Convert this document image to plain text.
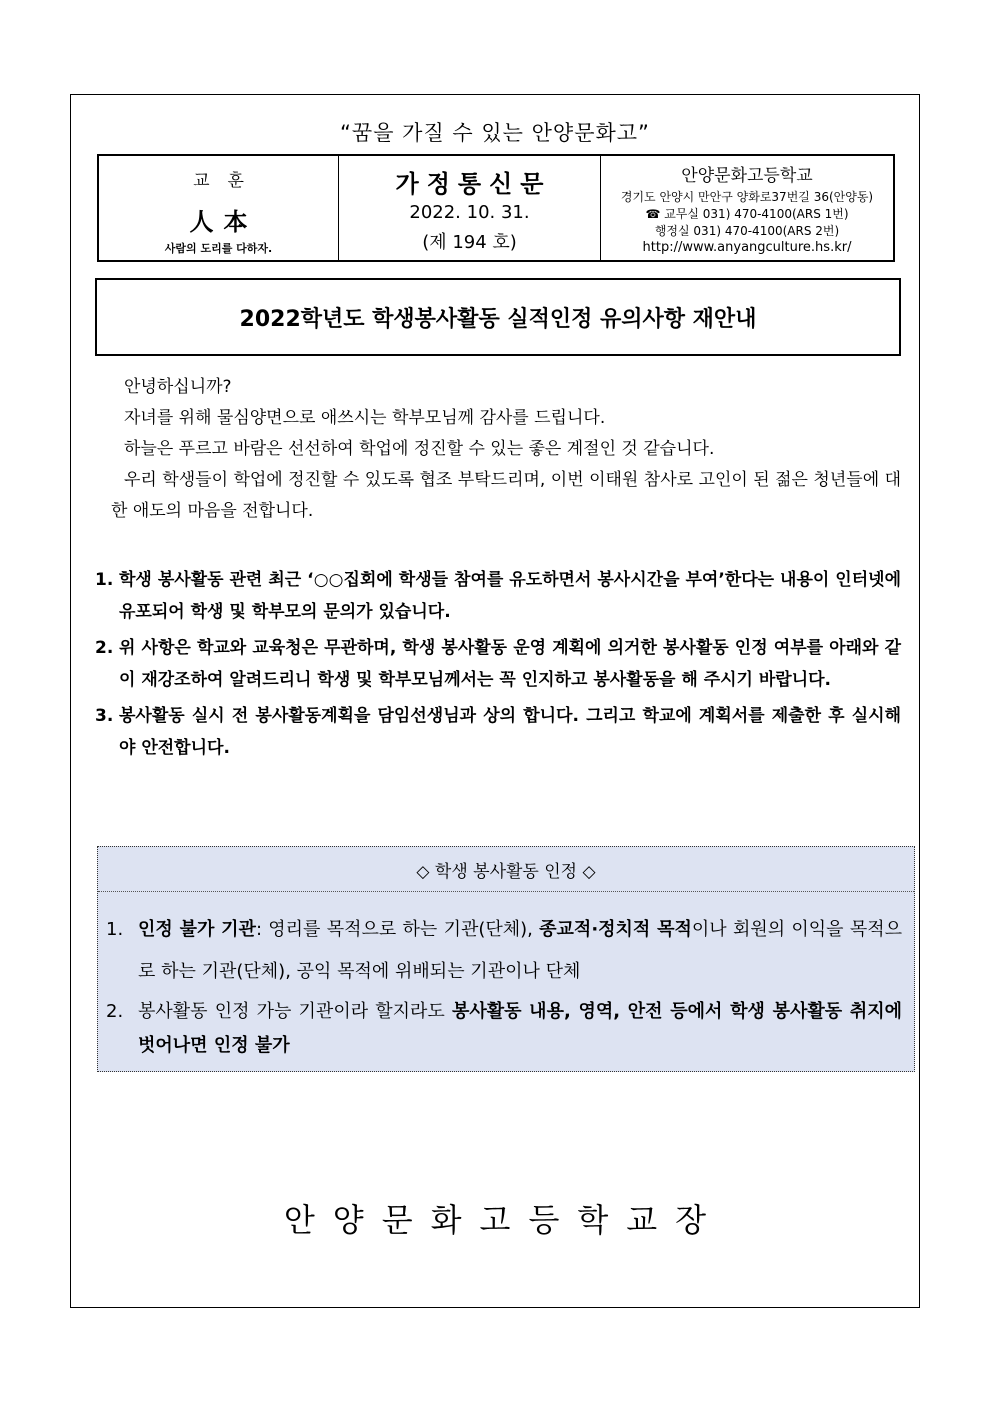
“꿈을 가질 수 있는 안양문화고”
교훈
人本
사람의 도리를 다하자.
가정통신문
2022. 10. 31.
(제 194 호)
안양문화고등학교
경기도 안양시 만안구 양화로37번길 36(안양동)
☎ 교무실 031) 470-4100(ARS 1번)
행정실 031) 470-4100(ARS 2번)
http://www.anyangculture.hs.kr/
2022학년도 학생봉사활동 실적인정 유의사항 재안내

안녕하십니까?

자녀를 위해 물심양면으로 애쓰시는 학부모님께 감사를 드립니다.

하늘은 푸르고 바람은 선선하여 학업에 정진할 수 있는 좋은 계절인 것 같습니다.

우리 학생들이 학업에 정진할 수 있도록 협조 부탁드리며, 이번 이태원 참사로 고인이 된 젊은 청년들에 대한 애도의 마음을 전합니다.

1. 학생 봉사활동 관련 최근 ‘○○집회에 학생들 참여를 유도하면서 봉사시간을 부여’한다는 내용이 인터넷에 유포되어 학생 및 학부모의 문의가 있습니다.
2. 위 사항은 학교와 교육청은 무관하며, 학생 봉사활동 운영 계획에 의거한 봉사활동 인정 여부를 아래와 같이 재강조하여 알려드리니 학생 및 학부모님께서는 꼭 인지하고 봉사활동을 해 주시기 바랍니다.
3. 봉사활동 실시 전 봉사활동계획을 담임선생님과 상의 합니다. 그리고 학교에 계획서를 제출한 후 실시해야 안전합니다.
◇ 학생 봉사활동 인정 ◇
1. 인정 불가 기관: 영리를 목적으로 하는 기관(단체), 종교적·정치적 목적이나 회원의 이익을 목적으로 하는 기관(단체), 공익 목적에 위배되는 기관이나 단체
2. 봉사활동 인정 가능 기관이라 할지라도 봉사활동 내용, 영역, 안전 등에서 학생 봉사활동 취지에 벗어나면 인정 불가
안양문화고등학교장
